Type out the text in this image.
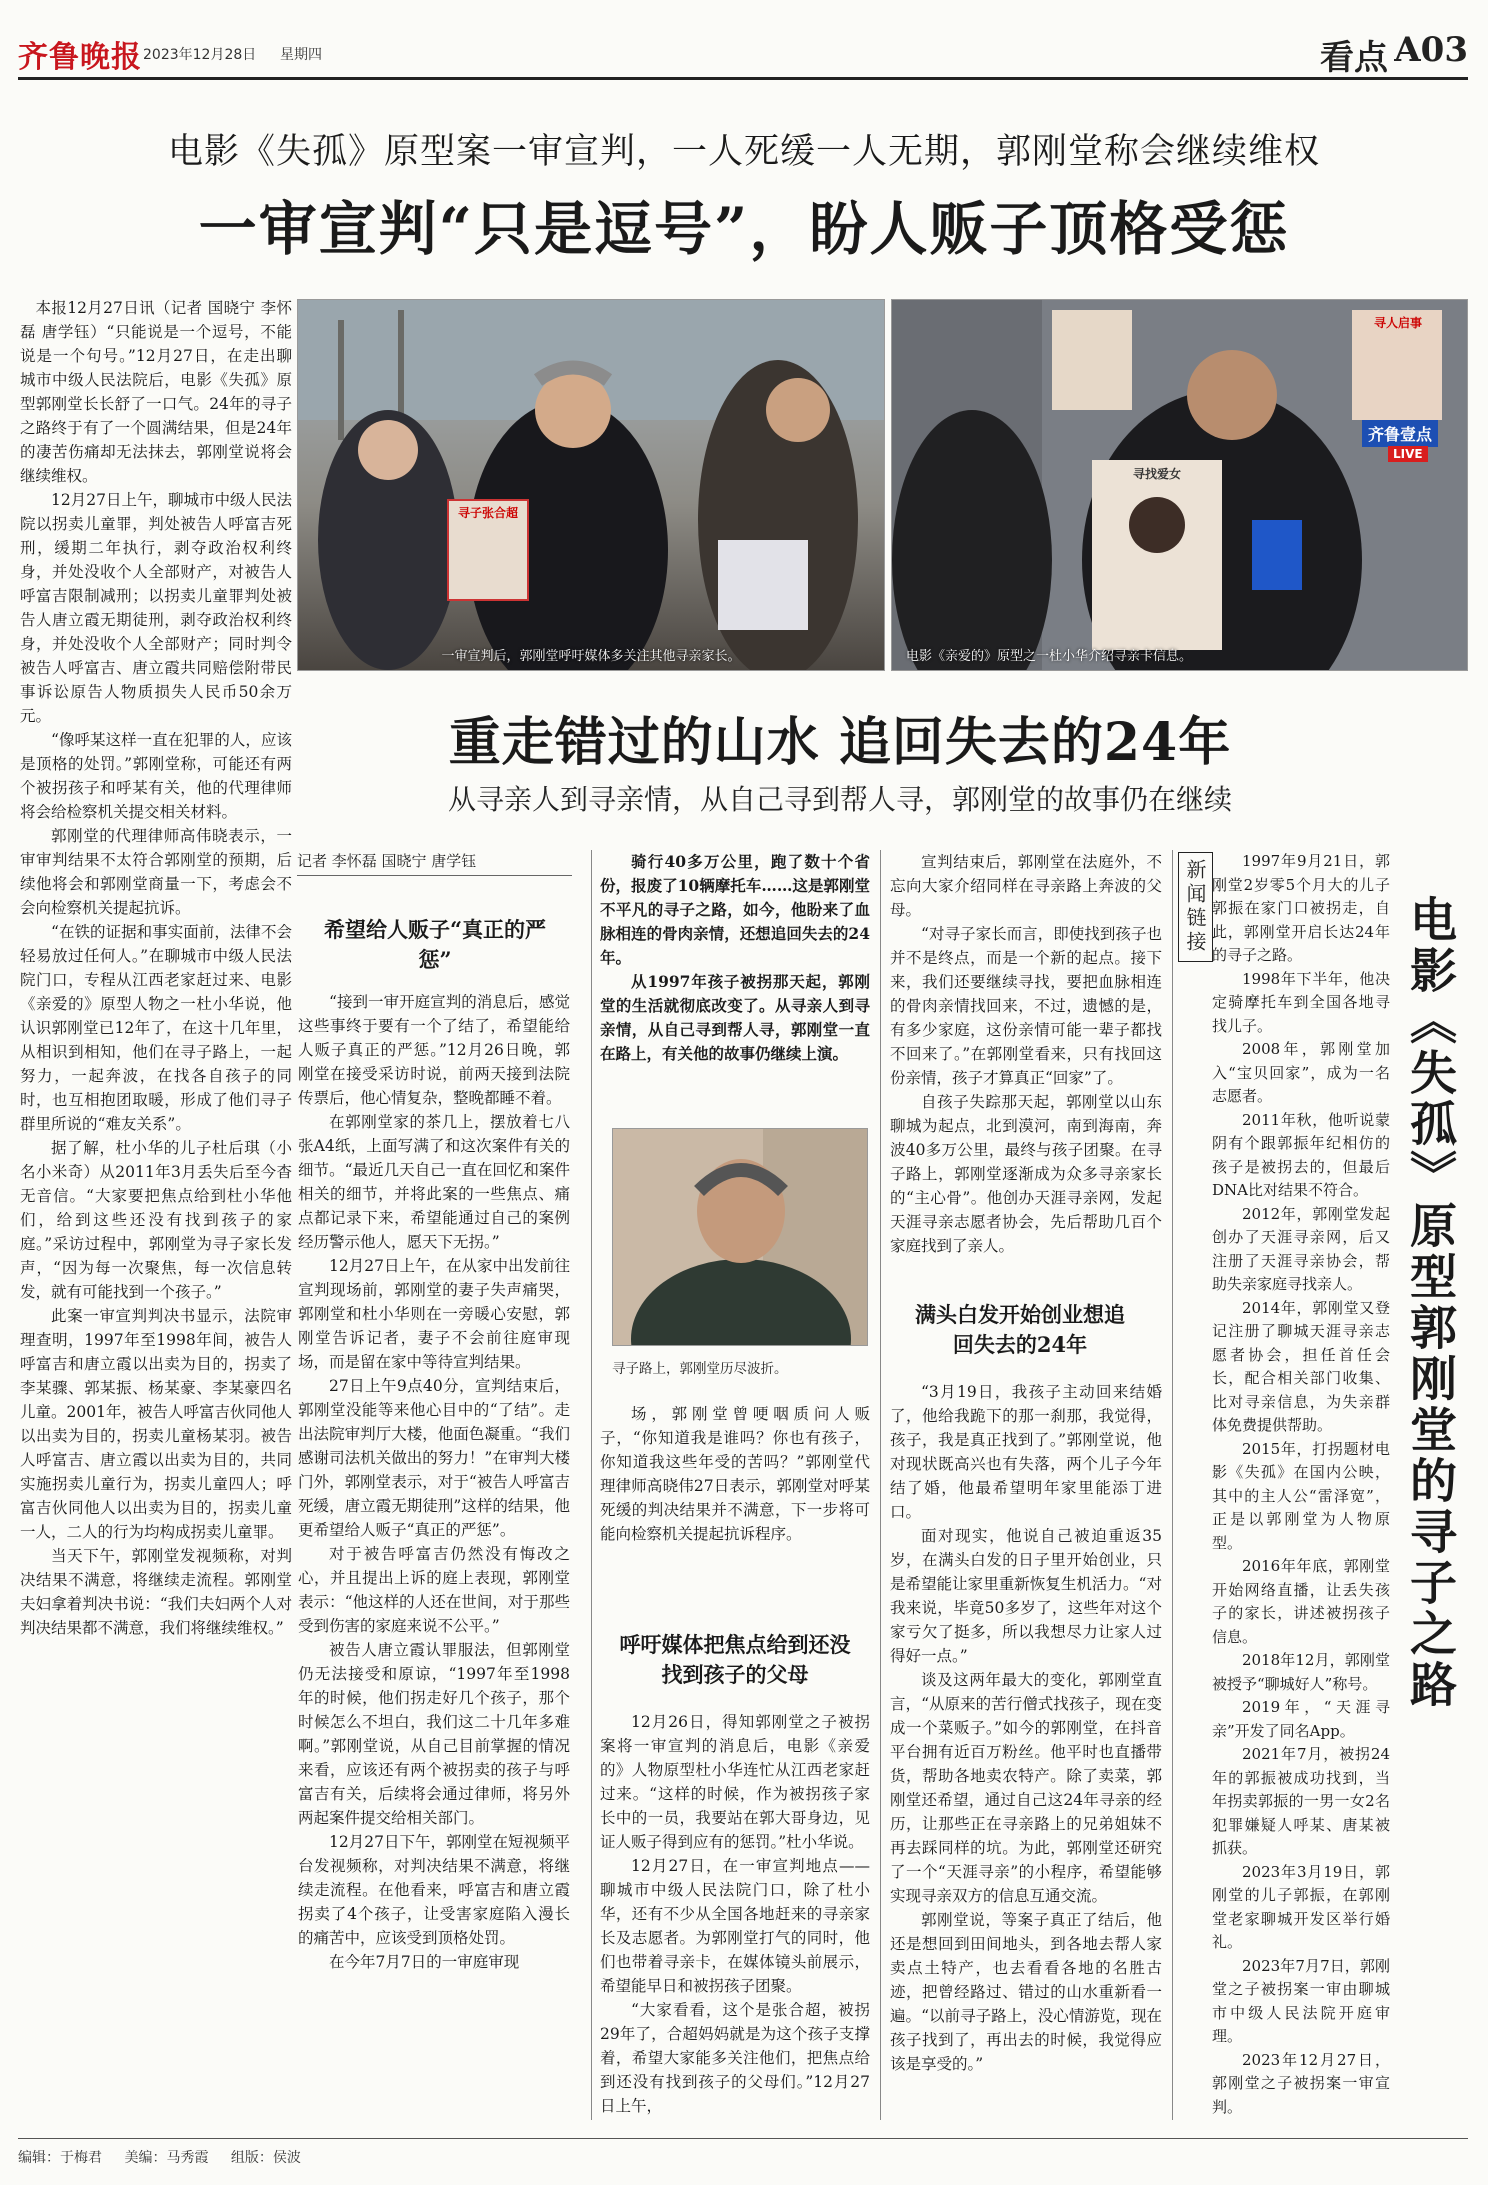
齐鲁晚报 2023年12月28日 星期四	看点 A03
电影《失孤》原型案一审宣判，一人死缓一人无期，郭刚堂称会继续维权
一审宣判“只是逗号”，盼人贩子顶格受惩

本报12月27日讯（记者 国晓宁 李怀磊 唐学钰）“只能说是一个逗号，不能说是一个句号。”12月27日，在走出聊城市中级人民法院后，电影《失孤》原型郭刚堂长长舒了一口气。24年的寻子之路终于有了一个圆满结果，但是24年的凄苦伤痛却无法抹去，郭刚堂说将会继续维权。

12月27日上午，聊城市中级人民法院以拐卖儿童罪，判处被告人呼富吉死刑，缓期二年执行，剥夺政治权利终身，并处没收个人全部财产，对被告人呼富吉限制减刑；以拐卖儿童罪判处被告人唐立霞无期徒刑，剥夺政治权利终身，并处没收个人全部财产；同时判令被告人呼富吉、唐立霞共同赔偿附带民事诉讼原告人物质损失人民币50余万元。

“像呼某这样一直在犯罪的人，应该是顶格的处罚。”郭刚堂称，可能还有两个被拐孩子和呼某有关，他的代理律师将会给检察机关提交相关材料。

郭刚堂的代理律师高伟晓表示，一审审判结果不太符合郭刚堂的预期，后续他将会和郭刚堂商量一下，考虑会不会向检察机关提起抗诉。

“在铁的证据和事实面前，法律不会轻易放过任何人。”在聊城市中级人民法院门口，专程从江西老家赶过来、电影《亲爱的》原型人物之一杜小华说，他认识郭刚堂已12年了，在这十几年里，从相识到相知，他们在寻子路上，一起努力，一起奔波，在找各自孩子的同时，也互相抱团取暖，形成了他们寻子群里所说的“难友关系”。

据了解，杜小华的儿子杜后琪（小名小米奇）从2011年3月丢失后至今杳无音信。“大家要把焦点给到杜小华他们，给到这些还没有找到孩子的家庭。”采访过程中，郭刚堂为寻子家长发声，“因为每一次聚焦，每一次信息转发，就有可能找到一个孩子。”

此案一审宣判判决书显示，法院审理查明，1997年至1998年间，被告人呼富吉和唐立霞以出卖为目的，拐卖了李某骤、郭某振、杨某豪、李某豪四名儿童。2001年，被告人呼富吉伙同他人以出卖为目的，拐卖儿童杨某羽。被告人呼富吉、唐立霞以出卖为目的，共同实施拐卖儿童行为，拐卖儿童四人；呼富吉伙同他人以出卖为目的，拐卖儿童一人，二人的行为均构成拐卖儿童罪。

当天下午，郭刚堂发视频称，对判决结果不满意，将继续走流程。郭刚堂夫妇拿着判决书说：“我们夫妇两个人对判决结果都不满意，我们将继续维权。”

寻子张合超
一审宣判后，郭刚堂呼吁媒体多关注其他寻亲家长。
寻人启事
寻找爱女
齐鲁壹点
LIVE
电影《亲爱的》原型之一杜小华介绍寻亲卡信息。
重走错过的山水 追回失去的24年
从寻亲人到寻亲情，从自己寻到帮人寻，郭刚堂的故事仍在继续
记者 李怀磊 国晓宁 唐学钰
希望给人贩子“真正的严惩”

“接到一审开庭宣判的消息后，感觉这些事终于要有一个了结了，希望能给人贩子真正的严惩。”12月26日晚，郭刚堂在接受采访时说，前两天接到法院传票后，他心情复杂，整晚都睡不着。

在郭刚堂家的茶几上，摆放着七八张A4纸，上面写满了和这次案件有关的细节。“最近几天自己一直在回忆和案件相关的细节，并将此案的一些焦点、痛点都记录下来，希望能通过自己的案例经历警示他人，愿天下无拐。”

12月27日上午，在从家中出发前往宣判现场前，郭刚堂的妻子失声痛哭，郭刚堂和杜小华则在一旁暖心安慰，郭刚堂告诉记者，妻子不会前往庭审现场，而是留在家中等待宣判结果。

27日上午9点40分，宣判结束后，郭刚堂没能等来他心目中的“了结”。走出法院审判厅大楼，他面色凝重。“我们感谢司法机关做出的努力！”在审判大楼门外，郭刚堂表示，对于“被告人呼富吉死缓，唐立霞无期徒刑”这样的结果，他更希望给人贩子“真正的严惩”。

对于被告呼富吉仍然没有悔改之心，并且提出上诉的庭上表现，郭刚堂表示：“他这样的人还在世间，对于那些受到伤害的家庭来说不公平。”

被告人唐立霞认罪服法，但郭刚堂仍无法接受和原谅，“1997年至1998年的时候，他们拐走好几个孩子，那个时候怎么不坦白，我们这二十几年多难啊。”郭刚堂说，从自己目前掌握的情况来看，应该还有两个被拐卖的孩子与呼富吉有关，后续将会通过律师，将另外两起案件提交给相关部门。

12月27日下午，郭刚堂在短视频平台发视频称，对判决结果不满意，将继续走流程。在他看来，呼富吉和唐立霞拐卖了4个孩子，让受害家庭陷入漫长的痛苦中，应该受到顶格处罚。

在今年7月7日的一审庭审现

骑行40多万公里，跑了数十个省份，报废了10辆摩托车……这是郭刚堂不平凡的寻子之路，如今，他盼来了血脉相连的骨肉亲情，还想追回失去的24年。

从1997年孩子被拐那天起，郭刚堂的生活就彻底改变了。从寻亲人到寻亲情，从自己寻到帮人寻，郭刚堂一直在路上，有关他的故事仍继续上演。

寻子路上，郭刚堂历尽波折。

场，郭刚堂曾哽咽质问人贩子，“你知道我是谁吗？你也有孩子，你知道我这些年受的苦吗？”郭刚堂代理律师高晓伟27日表示，郭刚堂对呼某死缓的判决结果并不满意，下一步将可能向检察机关提起抗诉程序。

呼吁媒体把焦点给到还没找到孩子的父母

12月26日，得知郭刚堂之子被拐案将一审宣判的消息后，电影《亲爱的》人物原型杜小华连忙从江西老家赶过来。“这样的时候，作为被拐孩子家长中的一员，我要站在郭大哥身边，见证人贩子得到应有的惩罚。”杜小华说。

12月27日，在一审宣判地点——聊城市中级人民法院门口，除了杜小华，还有不少从全国各地赶来的寻亲家长及志愿者。为郭刚堂打气的同时，他们也带着寻亲卡，在媒体镜头前展示，希望能早日和被拐孩子团聚。

“大家看看，这个是张合超，被拐29年了，合超妈妈就是为这个孩子支撑着，希望大家能多关注他们，把焦点给到还没有找到孩子的父母们。”12月27日上午，

宣判结束后，郭刚堂在法庭外，不忘向大家介绍同样在寻亲路上奔波的父母。

“对寻子家长而言，即使找到孩子也并不是终点，而是一个新的起点。接下来，我们还要继续寻找，要把血脉相连的骨肉亲情找回来，不过，遗憾的是，有多少家庭，这份亲情可能一辈子都找不回来了。”在郭刚堂看来，只有找回这份亲情，孩子才算真正“回家”了。

自孩子失踪那天起，郭刚堂以山东聊城为起点，北到漠河，南到海南，奔波40多万公里，最终与孩子团聚。在寻子路上，郭刚堂逐渐成为众多寻亲家长的“主心骨”。他创办天涯寻亲网，发起天涯寻亲志愿者协会，先后帮助几百个家庭找到了亲人。

满头白发开始创业想追回失去的24年

“3月19日，我孩子主动回来结婚了，他给我跪下的那一刹那，我觉得，孩子，我是真正找到了。”郭刚堂说，他对现状既高兴也有失落，两个儿子今年结了婚，他最希望明年家里能添丁进口。

面对现实，他说自己被迫重返35岁，在满头白发的日子里开始创业，只是希望能让家里重新恢复生机活力。“对我来说，毕竟50多岁了，这些年对这个家亏欠了挺多，所以我想尽力让家人过得好一点。”

谈及这两年最大的变化，郭刚堂直言，“从原来的苦行僧式找孩子，现在变成一个菜贩子。”如今的郭刚堂，在抖音平台拥有近百万粉丝。他平时也直播带货，帮助各地卖农特产。除了卖菜，郭刚堂还希望，通过自己这24年寻亲的经历，让那些正在寻亲路上的兄弟姐妹不再去踩同样的坑。为此，郭刚堂还研究了一个“天涯寻亲”的小程序，希望能够实现寻亲双方的信息互通交流。

郭刚堂说，等案子真正了结后，他还是想回到田间地头，到各地去帮人家卖点土特产，也去看看各地的名胜古迹，把曾经路过、错过的山水重新看一遍。“以前寻子路上，没心情游览，现在孩子找到了，再出去的时候，我觉得应该是享受的。”

新闻链接	电影《失孤》原型郭刚堂的寻子之路

1997年9月21日，郭刚堂2岁零5个月大的儿子郭振在家门口被拐走，自此，郭刚堂开启长达24年的寻子之路。

1998年下半年，他决定骑摩托车到全国各地寻找儿子。

2008年，郭刚堂加入“宝贝回家”，成为一名志愿者。

2011年秋，他听说蒙阴有个跟郭振年纪相仿的孩子是被拐去的，但最后DNA比对结果不符合。

2012年，郭刚堂发起创办了天涯寻亲网，后又注册了天涯寻亲协会，帮助失亲家庭寻找亲人。

2014年，郭刚堂又登记注册了聊城天涯寻亲志愿者协会，担任首任会长，配合相关部门收集、比对寻亲信息，为失亲群体免费提供帮助。

2015年，打拐题材电影《失孤》在国内公映，其中的主人公“雷泽宽”，正是以郭刚堂为人物原型。

2016年年底，郭刚堂开始网络直播，让丢失孩子的家长，讲述被拐孩子信息。

2018年12月，郭刚堂被授予“聊城好人”称号。

2019年，“天涯寻亲”开发了同名App。

2021年7月，被拐24年的郭振被成功找到，当年拐卖郭振的一男一女2名犯罪嫌疑人呼某、唐某被抓获。

2023年3月19日，郭刚堂的儿子郭振，在郭刚堂老家聊城开发区举行婚礼。

2023年7月7日，郭刚堂之子被拐案一审由聊城市中级人民法院开庭审理。

2023年12月27日，郭刚堂之子被拐案一审宣判。

编辑：于梅君 美编：马秀霞 组版：侯波
